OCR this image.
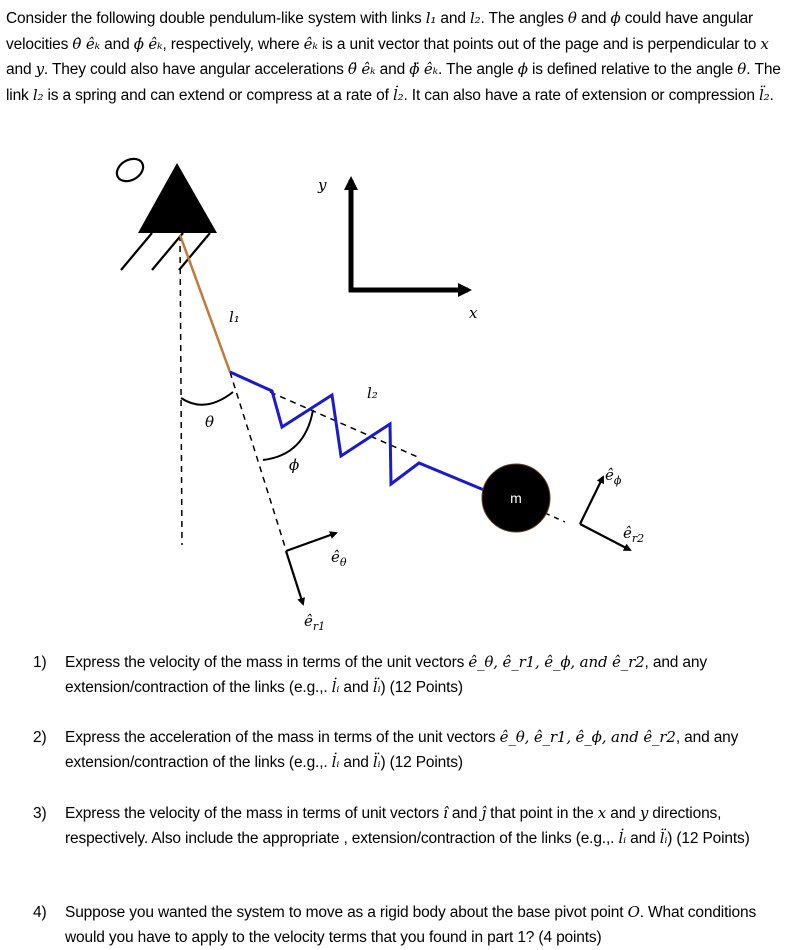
Consider the following double pendulum-like system with links l₁ and l₂. The angles θ and ϕ could have angular velocities θ̇ êₖ and ϕ̇ êₖ, respectively, where êₖ is a unit vector that points out of the page and is perpendicular to x and y. They could also have angular accelerations θ̈ êₖ and ϕ̈ êₖ. The angle ϕ is defined relative to the angle θ. The link l₂ is a spring and can extend or compress at a rate of l̇₂. It can also have a rate of extension or compression l̈₂.
m
θ
ϕ
l₁
l₂
y
x
$ê_\theta$
$ê_{r1}$
$ê_\phi$
$ê_{r2}$
1) Express the velocity of the mass in terms of the unit vectors ê_θ, ê_r1, ê_ϕ, and ê_r2, and any extension/contraction of the links (e.g.,. l̇ᵢ and l̈ᵢ) (12 Points)
2) Express the acceleration of the mass in terms of the unit vectors ê_θ, ê_r1, ê_ϕ, and ê_r2, and any extension/contraction of the links (e.g.,. l̇ᵢ and l̈ᵢ) (12 Points)
3) Express the velocity of the mass in terms of unit vectors î and ĵ that point in the x and y directions, respectively. Also include the appropriate , extension/contraction of the links (e.g.,. l̇ᵢ and l̈ᵢ) (12 Points)
4) Suppose you wanted the system to move as a rigid body about the base pivot point O. What conditions would you have to apply to the velocity terms that you found in part 1? (4 points)
